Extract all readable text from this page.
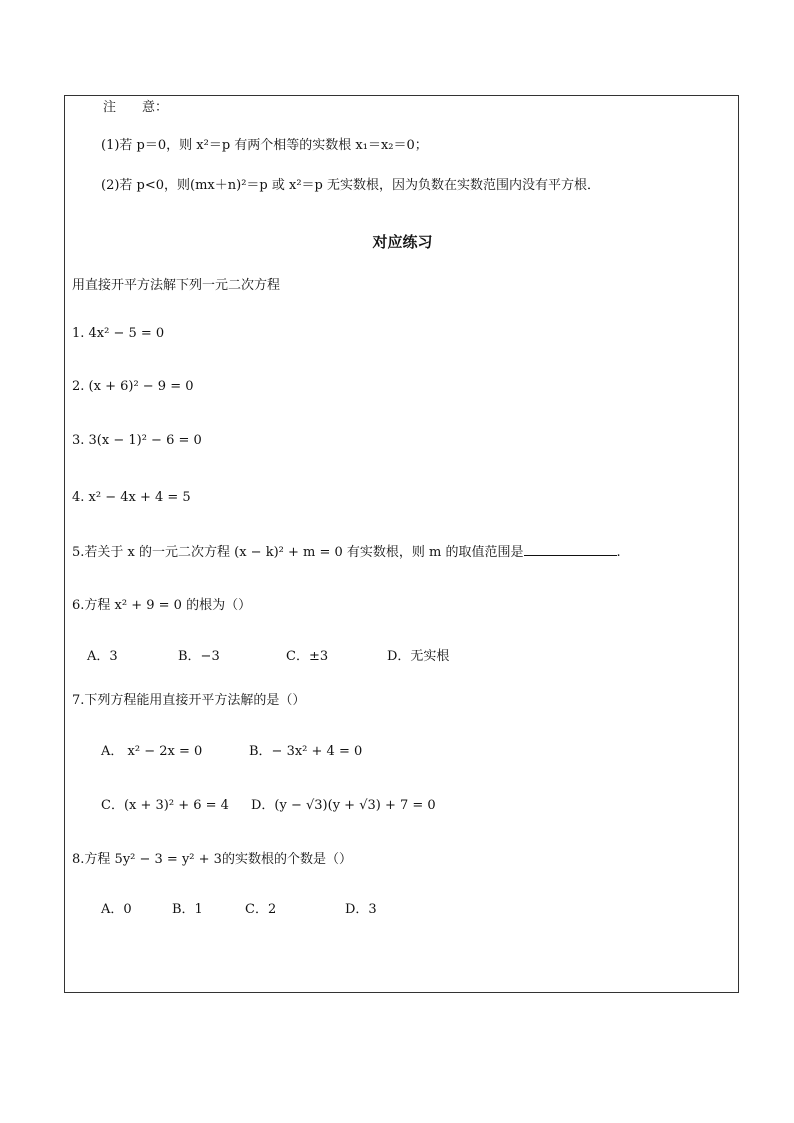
注　　意：
(1)若 p＝0，则 x²＝p 有两个相等的实数根 x₁＝x₂＝0；
(2)若 p<0，则(mx＋n)²＝p 或 x²＝p 无实数根，因为负数在实数范围内没有平方根．
对应练习
用直接开平方法解下列一元二次方程
1. 4x² − 5 = 0
2. (x + 6)² − 9 = 0
3. 3(x − 1)² − 6 = 0
4. x² − 4x + 4 = 5
5.若关于 x 的一元二次方程 (x − k)² + m = 0 有实数根，则 m 的取值范围是	.
6.方程 x² + 9 = 0 的根为（）
A．3	B．−3	C．±3	D．无实根
7.下列方程能用直接开平方法解的是（）
A． x² − 2x = 0	B．− 3x² + 4 = 0
C．(x + 3)² + 6 = 4 D．(y − √3)(y + √3) + 7 = 0
8.方程 5y² − 3 = y² + 3的实数根的个数是（）
A．0	B．1	C．2	D．3
